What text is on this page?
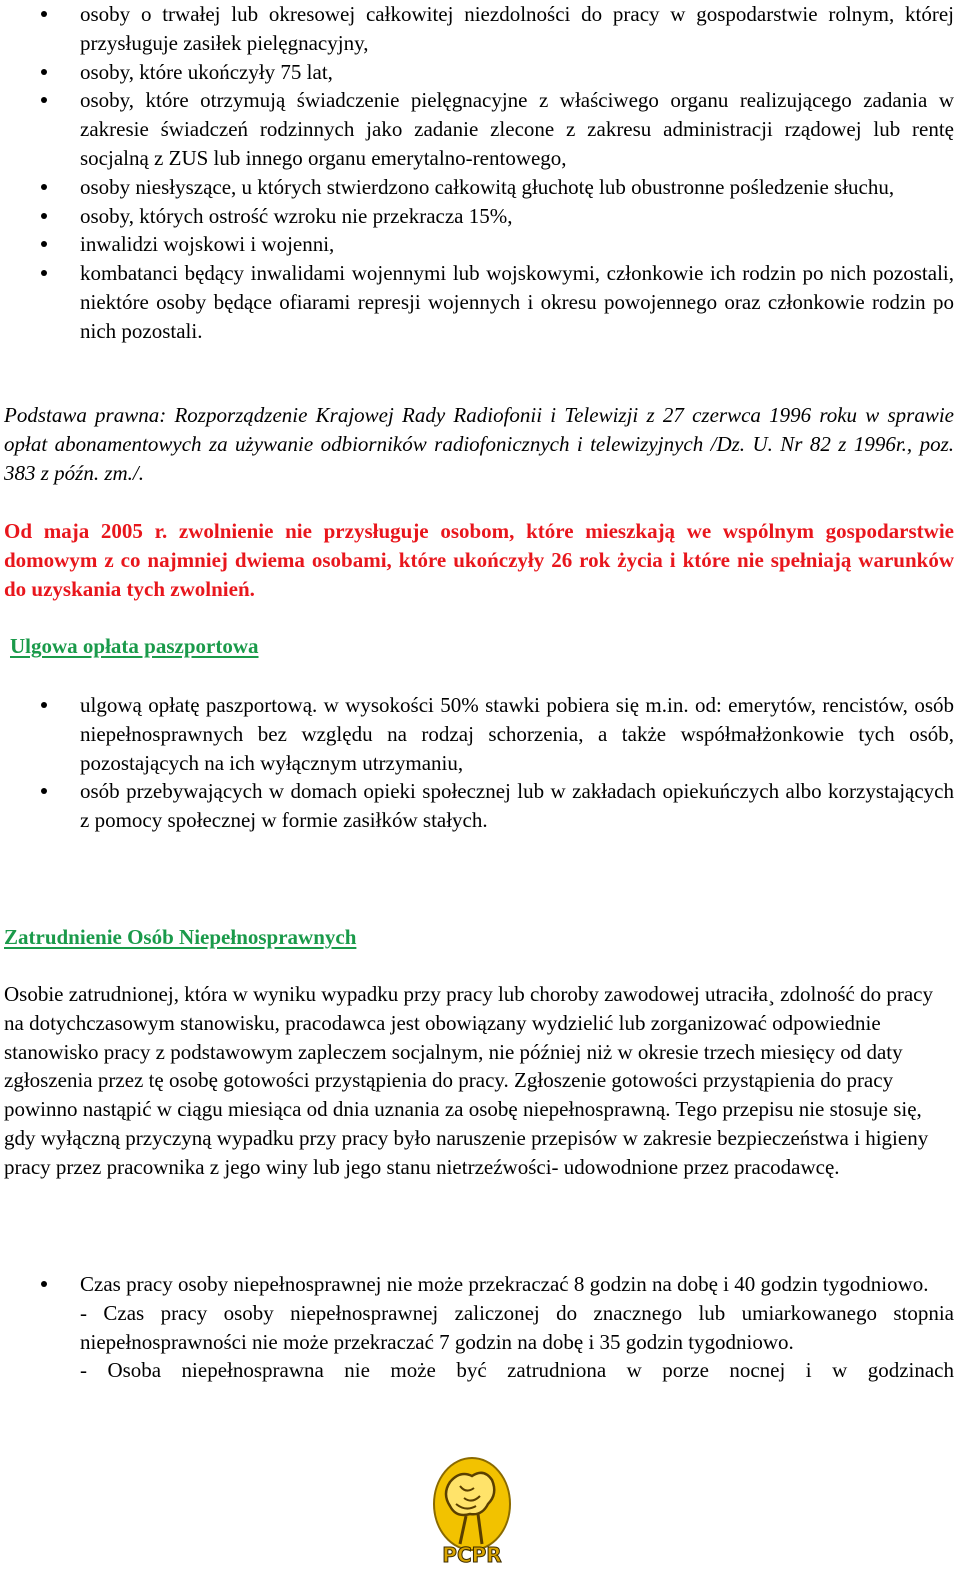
osoby o trwałej lub okresowej całkowitej niezdolności do pracy w gospodarstwie rolnym, której przysługuje zasiłek pielęgnacyjny,
osoby, które ukończyły 75 lat,
osoby, które otrzymują świadczenie pielęgnacyjne z właściwego organu realizującego zadania w zakresie świadczeń rodzinnych jako zadanie zlecone z zakresu administracji rządowej lub rentę socjalną z ZUS lub innego organu emerytalno-rentowego,
osoby niesłyszące, u których stwierdzono całkowitą głuchotę lub obustronne pośledzenie słuchu,
osoby, których ostrość wzroku nie przekracza 15%,
inwalidzi wojskowi i wojenni,
kombatanci będący inwalidami wojennymi lub wojskowymi, członkowie ich rodzin po nich pozostali, niektóre osoby będące ofiarami represji wojennych i okresu powojennego oraz członkowie rodzin po nich pozostali.

Podstawa prawna: Rozporządzenie Krajowej Rady Radiofonii i Telewizji z 27 czerwca 1996 roku w sprawie opłat abonamentowych za używanie odbiorników radiofonicznych i telewizyjnych /Dz. U. Nr 82 z 1996r., poz. 383 z późn. zm./.

Od maja 2005 r. zwolnienie nie przysługuje osobom, które mieszkają we wspólnym gospodarstwie domowym z co najmniej dwiema osobami, które ukończyły 26 rok życia i które nie spełniają warunków do uzyskania tych zwolnień.

Ulgowa opłata paszportowa
ulgową opłatę paszportową. w wysokości 50% stawki pobiera się m.in. od: emerytów, rencistów, osób niepełnosprawnych bez względu na rodzaj schorzenia, a także współmałżonkowie tych osób, pozostających na ich wyłącznym utrzymaniu,
osób przebywających w domach opieki społecznej lub w zakładach opiekuńczych albo korzystających z pomocy społecznej w formie zasiłków stałych.
Zatrudnienie Osób Niepełnosprawnych

Osobie zatrudnionej, która w wyniku wypadku przy pracy lub choroby zawodowej utraciła¸ zdolność do pracy na dotychczasowym stanowisku, pracodawca jest obowiązany wydzielić lub zorganizować odpowiednie stanowisko pracy z podstawowym zapleczem socjalnym, nie później niż w okresie trzech miesięcy od daty zgłoszenia przez tę osobę gotowości przystąpienia do pracy. Zgłoszenie gotowości przystąpienia do pracy powinno nastąpić w ciągu miesiąca od dnia uznania za osobę niepełnosprawną. Tego przepisu nie stosuje się, gdy wyłączną przyczyną wypadku przy pracy było naruszenie przepisów w zakresie bezpieczeństwa i higieny pracy przez pracownika z jego winy lub jego stanu nietrzeźwości- udowodnione przez pracodawcę.

Czas pracy osoby niepełnosprawnej nie może przekraczać 8 godzin na dobę i 40 godzin tygodniowo.
- Czas pracy osoby niepełnosprawnej zaliczonej do znacznego lub umiarkowanego stopnia niepełnosprawności nie może przekraczać 7 godzin na dobę i 35 godzin tygodniowo.
- Osoba niepełnosprawna nie może być zatrudniona w porze nocnej i w godzinach
PCPR
